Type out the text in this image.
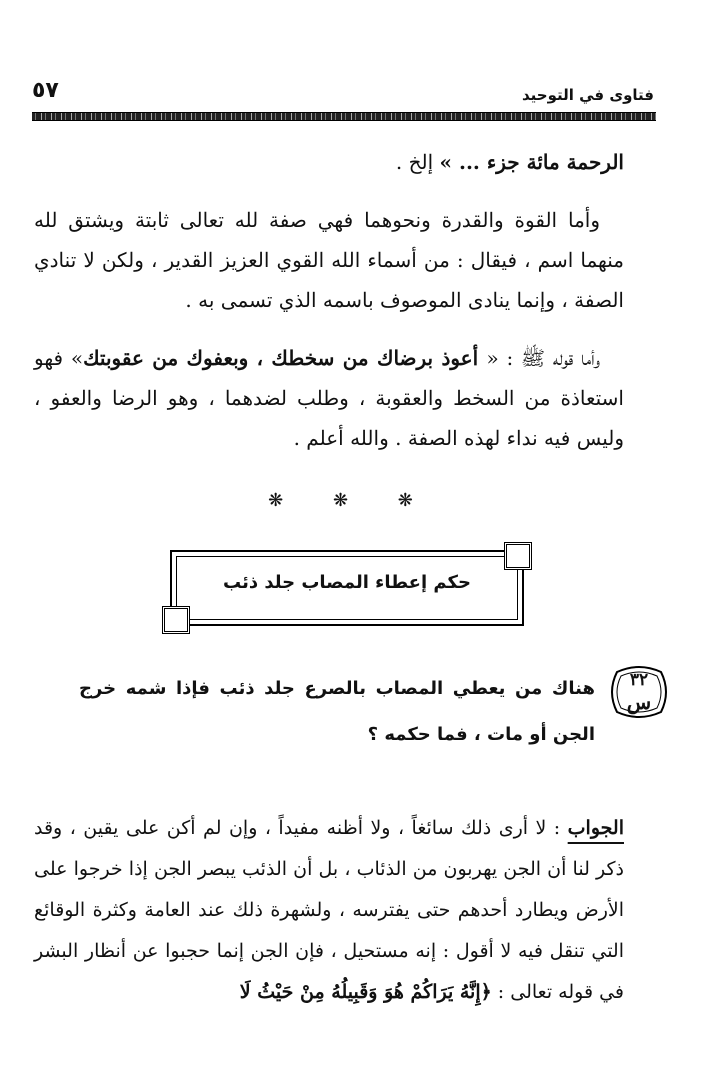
فتاوى في التوحيد
٥٧

الرحمة مائة جزء ... » إلخ .

وأما القوة والقدرة ونحوهما فهي صفة لله تعالى ثابتة ويشتق لله منهما اسم ، فيقال : من أسماء الله القوي العزيز القدير ، ولكن لا تنادي الصفة ، وإنما ينادى الموصوف باسمه الذي تسمى به .

وأما قوله ﷺ : « أعوذ برضاك من سخطك ، وبعفوك من عقوبتك» فهو استعاذة من السخط والعقوبة ، وطلب لضدهما ، وهو الرضا والعفو ، وليس فيه نداء لهذه الصفة . والله أعلم .

❋ ❋ ❋
حكم إعطاء المصاب جلد ذئب
٣٢
س

هناك من يعطي المصاب بالصرع جلد ذئب فإذا شمه خرج الجن أو مات ، فما حكمه ؟

الجواب : لا أرى ذلك سائغاً ، ولا أظنه مفيداً ، وإن لم أكن على يقين ، وقد ذكر لنا أن الجن يهربون من الذئاب ، بل أن الذئب يبصر الجن إذا خرجوا على الأرض ويطارد أحدهم حتى يفترسه ، ولشهرة ذلك عند العامة وكثرة الوقائع التي تنقل فيه لا أقول : إنه مستحيل ، فإن الجن إنما حجبوا عن أنظار البشر في قوله تعالى : ﴿إِنَّهُ يَرَاكُمْ هُوَ وَقَبِيلُهُ مِنْ حَيْثُ لَا
